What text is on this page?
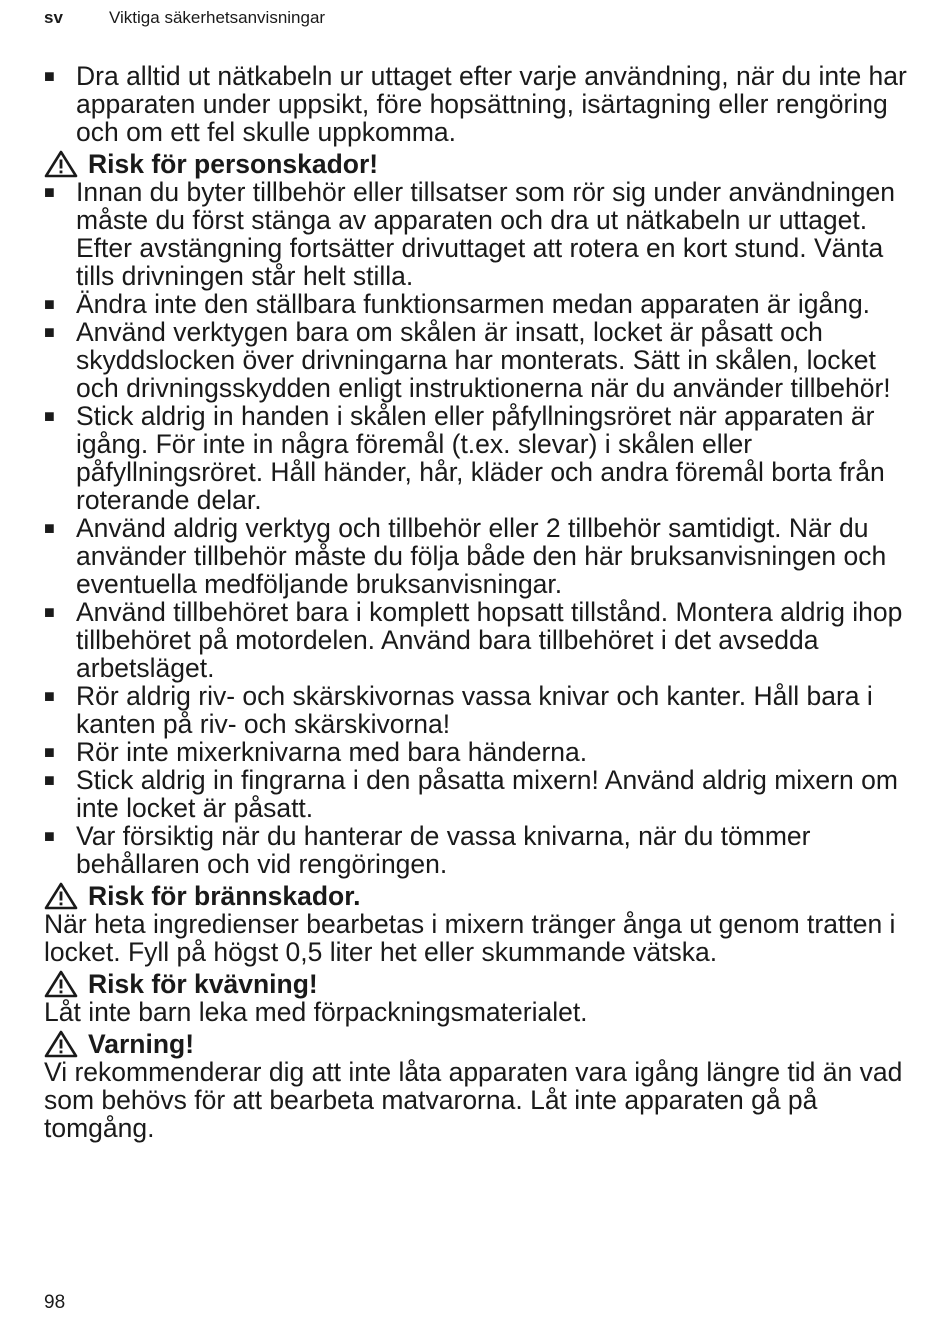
sv	Viktiga säkerhetsanvisningar
■ Dra alltid ut nätkabeln ur uttaget efter varje användning, när du inte har apparaten under uppsikt, före hopsättning, isärtagning eller rengöring och om ett fel skulle uppkomma.
Risk för personskador!
■ Innan du byter tillbehör eller tillsatser som rör sig under användningen måste du först stänga av apparaten och dra ut nätkabeln ur uttaget. Efter avstängning fortsätter drivuttaget att rotera en kort stund. Vänta tills drivningen står helt stilla.
■ Ändra inte den ställbara funktionsarmen medan apparaten är igång.
■ Använd verktygen bara om skålen är insatt, locket är påsatt och skyddslocken över drivningarna har monterats. Sätt in skålen, locket och drivningsskydden enligt instruktionerna när du använder tillbehör!
■ Stick aldrig in handen i skålen eller påfyllningsröret när apparaten är igång. För inte in några föremål (t.ex. slevar) i skålen eller påfyllningsröret. Håll händer, hår, kläder och andra föremål borta från roterande delar.
■ Använd aldrig verktyg och tillbehör eller 2 tillbehör samtidigt. När du använder tillbehör måste du följa både den här bruksanvisningen och eventuella medföljande bruksanvisningar.
■ Använd tillbehöret bara i komplett hopsatt tillstånd. Montera aldrig ihop tillbehöret på motordelen. Använd bara tillbehöret i det avsedda arbetsläget.
■ Rör aldrig riv- och skärskivornas vassa knivar och kanter. Håll bara i kanten på riv- och skärskivorna!
■ Rör inte mixerknivarna med bara händerna.
■ Stick aldrig in fingrarna i den påsatta mixern! Använd aldrig mixern om inte locket är påsatt.
■ Var försiktig när du hanterar de vassa knivarna, när du tömmer behållaren och vid rengöringen.
Risk för brännskador.
När heta ingredienser bearbetas i mixern tränger ånga ut genom tratten i locket. Fyll på högst 0,5 liter het eller skummande vätska.
Risk för kvävning!
Låt inte barn leka med förpackningsmaterialet.
Varning!
Vi rekommenderar dig att inte låta apparaten vara igång längre tid än vad som behövs för att bearbeta matvarorna. Låt inte apparaten gå på tomgång.
98
